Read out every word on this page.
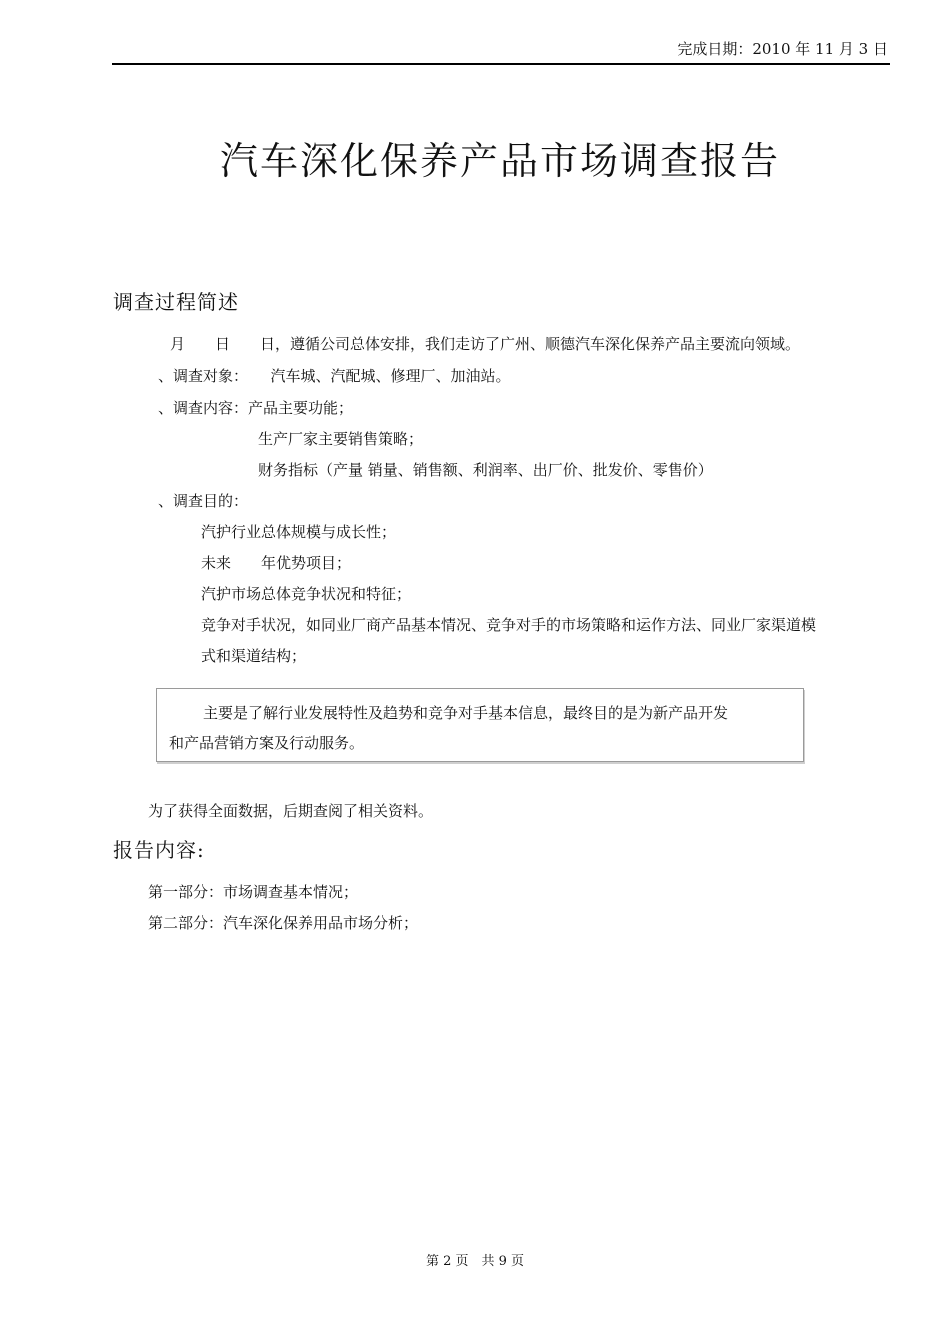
完成日期：2010 年 11 月 3 日
汽车深化保养产品市场调查报告
调查过程简述
月　　日　　日，遵循公司总体安排，我们走访了广州、顺德汽车深化保养产品主要流向领域。
、调查对象：　　汽车城、汽配城、修理厂、加油站。
、调查内容：产品主要功能；
生产厂家主要销售策略；
财务指标（产量 销量、销售额、利润率、出厂价、批发价、零售价）
、调查目的：
汽护行业总体规模与成长性；
未来　　年优势项目；
汽护市场总体竞争状况和特征；
竞争对手状况，如同业厂商产品基本情况、竞争对手的市场策略和运作方法、同业厂家渠道模
式和渠道结构；
主要是了解行业发展特性及趋势和竞争对手基本信息，最终目的是为新产品开发
和产品营销方案及行动服务。
为了获得全面数据，后期查阅了相关资料。
报告内容:
第一部分：市场调查基本情况；
第二部分：汽车深化保养用品市场分析；
第 2 页　共 9 页
